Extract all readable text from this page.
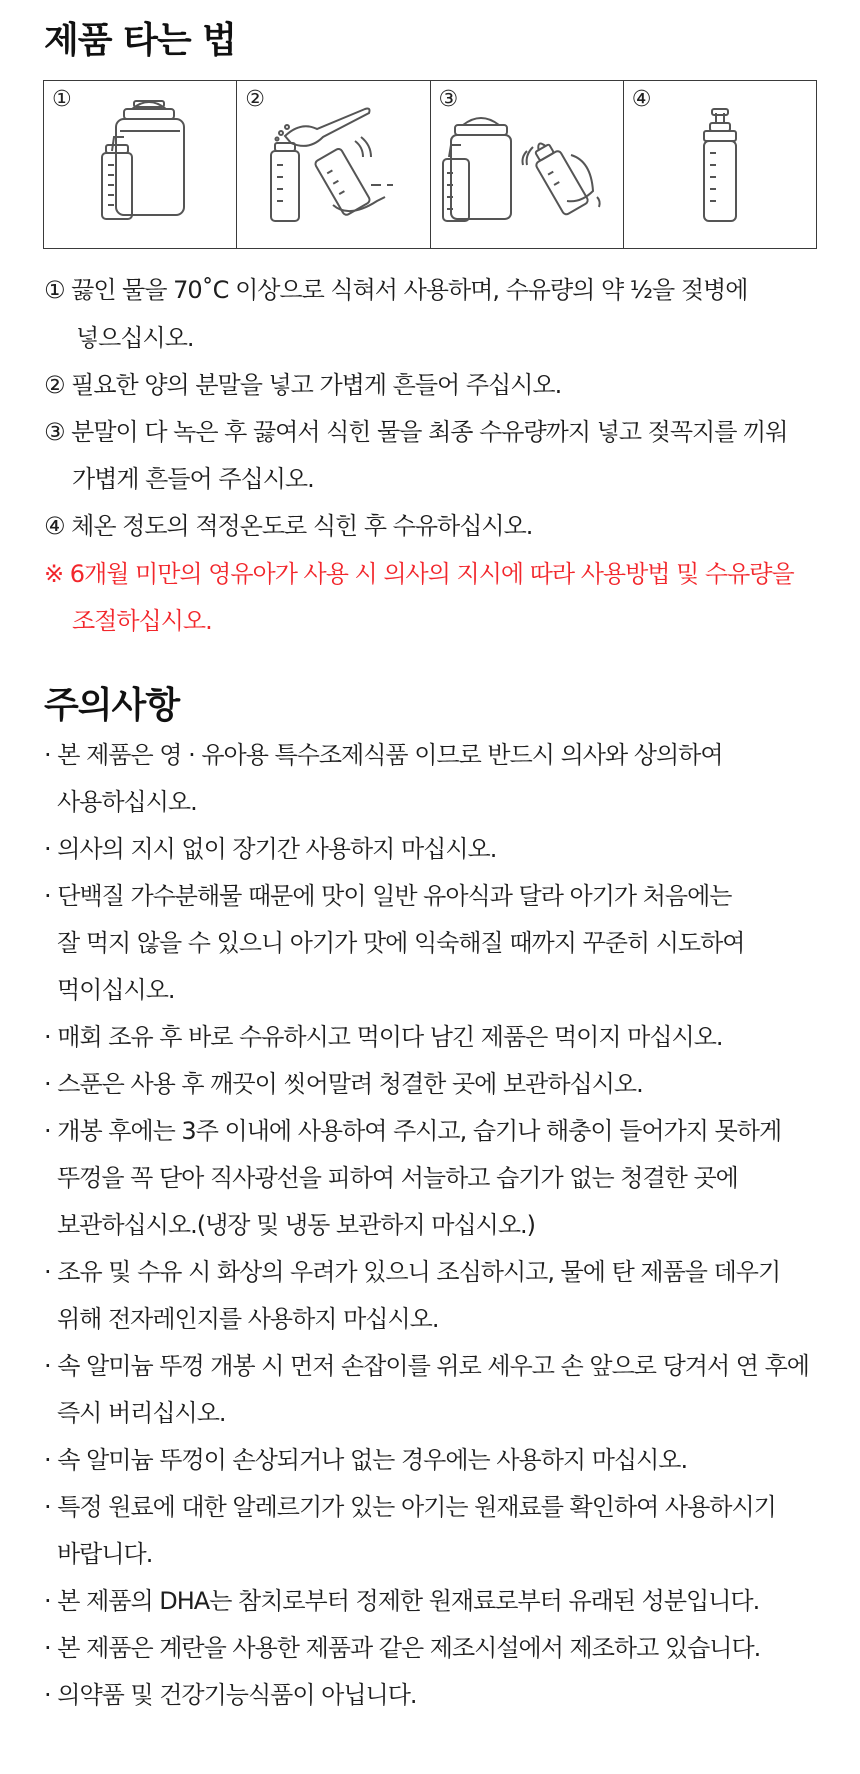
제품 타는 법
①	②	③	④
① 끓인 물을 70˚C 이상으로 식혀서 사용하며, 수유량의 약 ½을 젖병에
넣으십시오.
② 필요한 양의 분말을 넣고 가볍게 흔들어 주십시오.
③ 분말이 다 녹은 후 끓여서 식힌 물을 최종 수유량까지 넣고 젖꼭지를 끼워
가볍게 흔들어 주십시오.
④ 체온 정도의 적정온도로 식힌 후 수유하십시오.
※ 6개월 미만의 영유아가 사용 시 의사의 지시에 따라 사용방법 및 수유량을
조절하십시오.
주의사항
· 본 제품은 영 · 유아용 특수조제식품 이므로 반드시 의사와 상의하여
사용하십시오.
· 의사의 지시 없이 장기간 사용하지 마십시오.
· 단백질 가수분해물 때문에 맛이 일반 유아식과 달라 아기가 처음에는
잘 먹지 않을 수 있으니 아기가 맛에 익숙해질 때까지 꾸준히 시도하여
먹이십시오.
· 매회 조유 후 바로 수유하시고 먹이다 남긴 제품은 먹이지 마십시오.
· 스푼은 사용 후 깨끗이 씻어말려 청결한 곳에 보관하십시오.
· 개봉 후에는 3주 이내에 사용하여 주시고, 습기나 해충이 들어가지 못하게
뚜껑을 꼭 닫아 직사광선을 피하여 서늘하고 습기가 없는 청결한 곳에
보관하십시오.(냉장 및 냉동 보관하지 마십시오.)
· 조유 및 수유 시 화상의 우려가 있으니 조심하시고, 물에 탄 제품을 데우기
위해 전자레인지를 사용하지 마십시오.
· 속 알미늄 뚜껑 개봉 시 먼저 손잡이를 위로 세우고 손 앞으로 당겨서 연 후에
즉시 버리십시오.
· 속 알미늄 뚜껑이 손상되거나 없는 경우에는 사용하지 마십시오.
· 특정 원료에 대한 알레르기가 있는 아기는 원재료를 확인하여 사용하시기
바랍니다.
· 본 제품의 DHA는 참치로부터 정제한 원재료로부터 유래된 성분입니다.
· 본 제품은 계란을 사용한 제품과 같은 제조시설에서 제조하고 있습니다.
· 의약품 및 건강기능식품이 아닙니다.
